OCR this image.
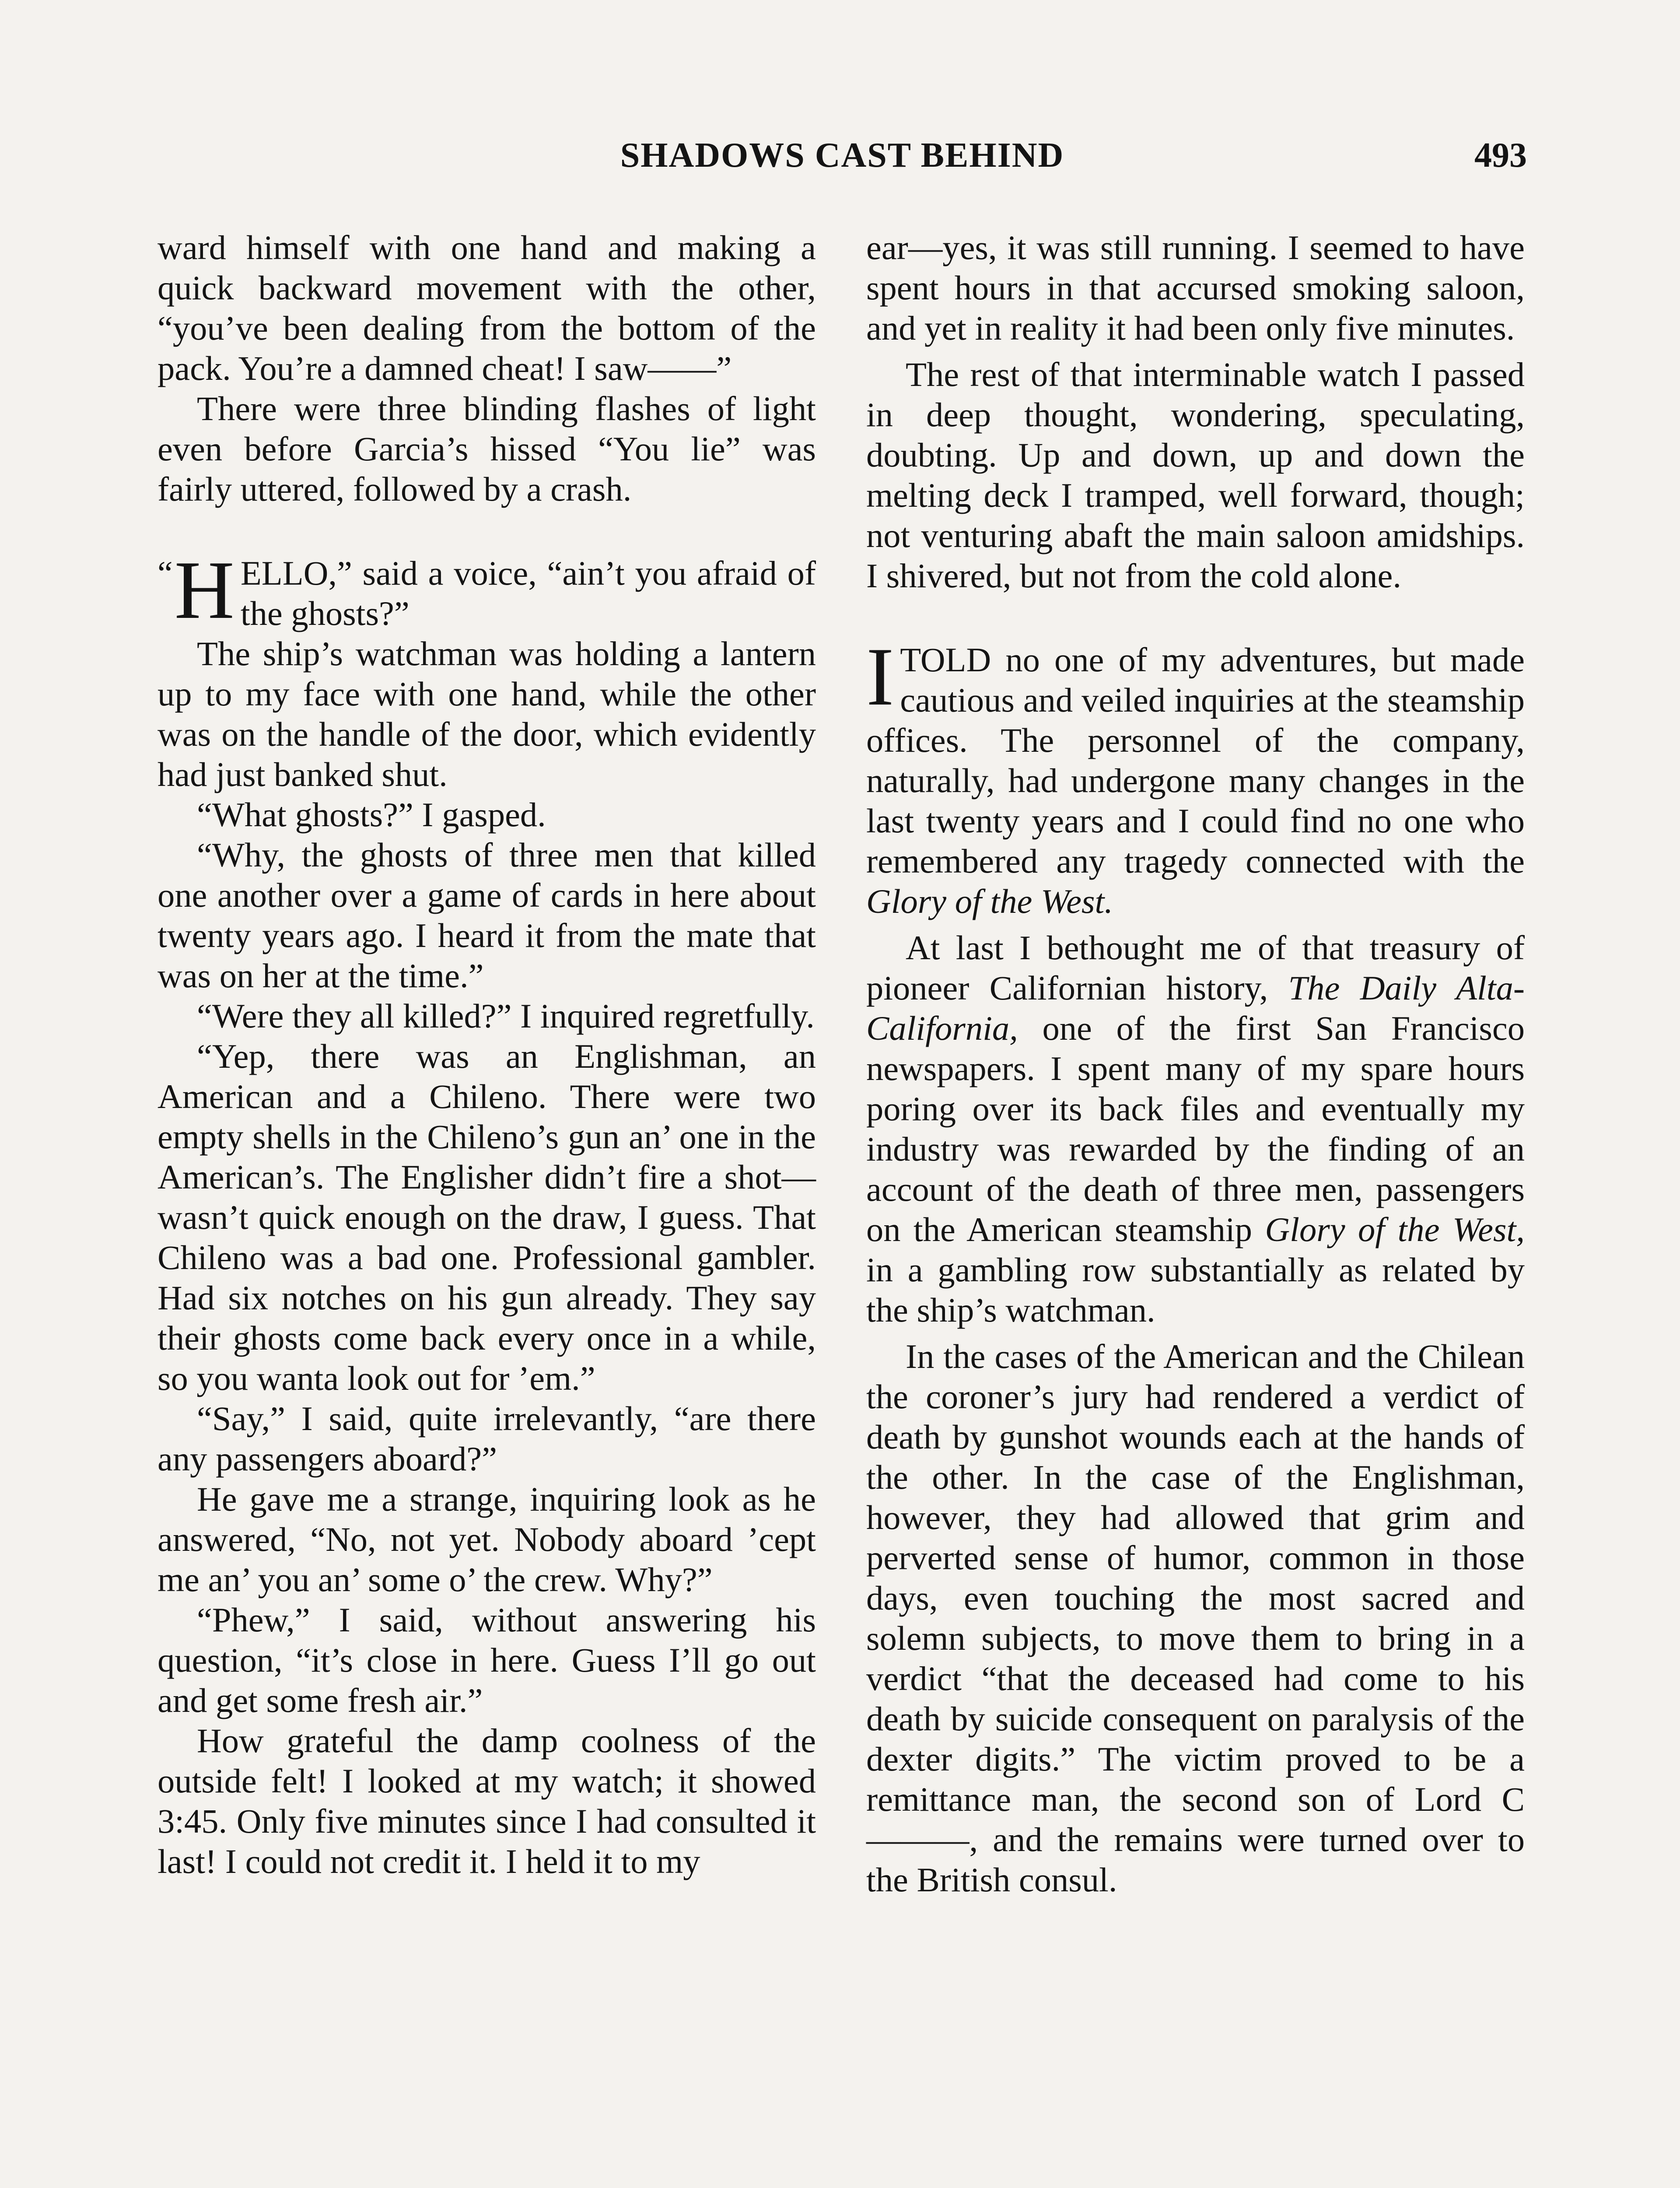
SHADOWS CAST BEHIND	493

ward himself with one hand and making a quick backward movement with the other, “you’ve been dealing from the bottom of the pack. You’re a damned cheat! I saw——”

There were three blinding flashes of light even before Garcia’s hissed “You lie” was fairly uttered, followed by a crash.

“ H ELLO,” said a voice, “ain’t you afraid of the ghosts?”

The ship’s watchman was holding a lantern up to my face with one hand, while the other was on the handle of the door, which evidently had just banked shut.

“What ghosts?” I gasped.

“Why, the ghosts of three men that killed one another over a game of cards in here about twenty years ago. I heard it from the mate that was on her at the time.”

“Were they all killed?” I inquired regretfully.

“Yep, there was an Englishman, an American and a Chileno. There were two empty shells in the Chileno’s gun an’ one in the American’s. The Englisher didn’t fire a shot—wasn’t quick enough on the draw, I guess. That Chileno was a bad one. Professional gambler. Had six notches on his gun already. They say their ghosts come back every once in a while, so you wanta look out for ’em.”

“Say,” I said, quite irrelevantly, “are there any passengers aboard?”

He gave me a strange, inquiring look as he answered, “No, not yet. Nobody aboard ’cept me an’ you an’ some o’ the crew. Why?”

“Phew,” I said, without answering his question, “it’s close in here. Guess I’ll go out and get some fresh air.”

How grateful the damp coolness of the outside felt! I looked at my watch; it showed 3:45. Only five minutes since I had consulted it last! I could not credit it. I held it to my

ear—yes, it was still running. I seemed to have spent hours in that accursed smoking saloon, and yet in reality it had been only five minutes.

The rest of that interminable watch I passed in deep thought, wondering, speculating, doubting. Up and down, up and down the melting deck I tramped, well forward, though; not venturing abaft the main saloon amidships. I shivered, but not from the cold alone.

ITOLD no one of my adventures, but made cautious and veiled inquiries at the steamship offices. The personnel of the company, naturally, had undergone many changes in the last twenty years and I could find no one who remembered any tragedy connected with the Glory of the West.

At last I bethought me of that treasury of pioneer Californian history, The Daily Alta-California, one of the first San Francisco newspapers. I spent many of my spare hours poring over its back files and eventually my industry was rewarded by the finding of an account of the death of three men, passengers on the American steamship Glory of the West, in a gambling row substantially as related by the ship’s watchman.

In the cases of the American and the Chilean the coroner’s jury had rendered a verdict of death by gunshot wounds each at the hands of the other. In the case of the Englishman, however, they had allowed that grim and perverted sense of humor, common in those days, even touching the most sacred and solemn subjects, to move them to bring in a verdict “that the deceased had come to his death by suicide consequent on paralysis of the dexter digits.” The victim proved to be a remittance man, the second son of Lord C———, and the remains were turned over to the British consul.
